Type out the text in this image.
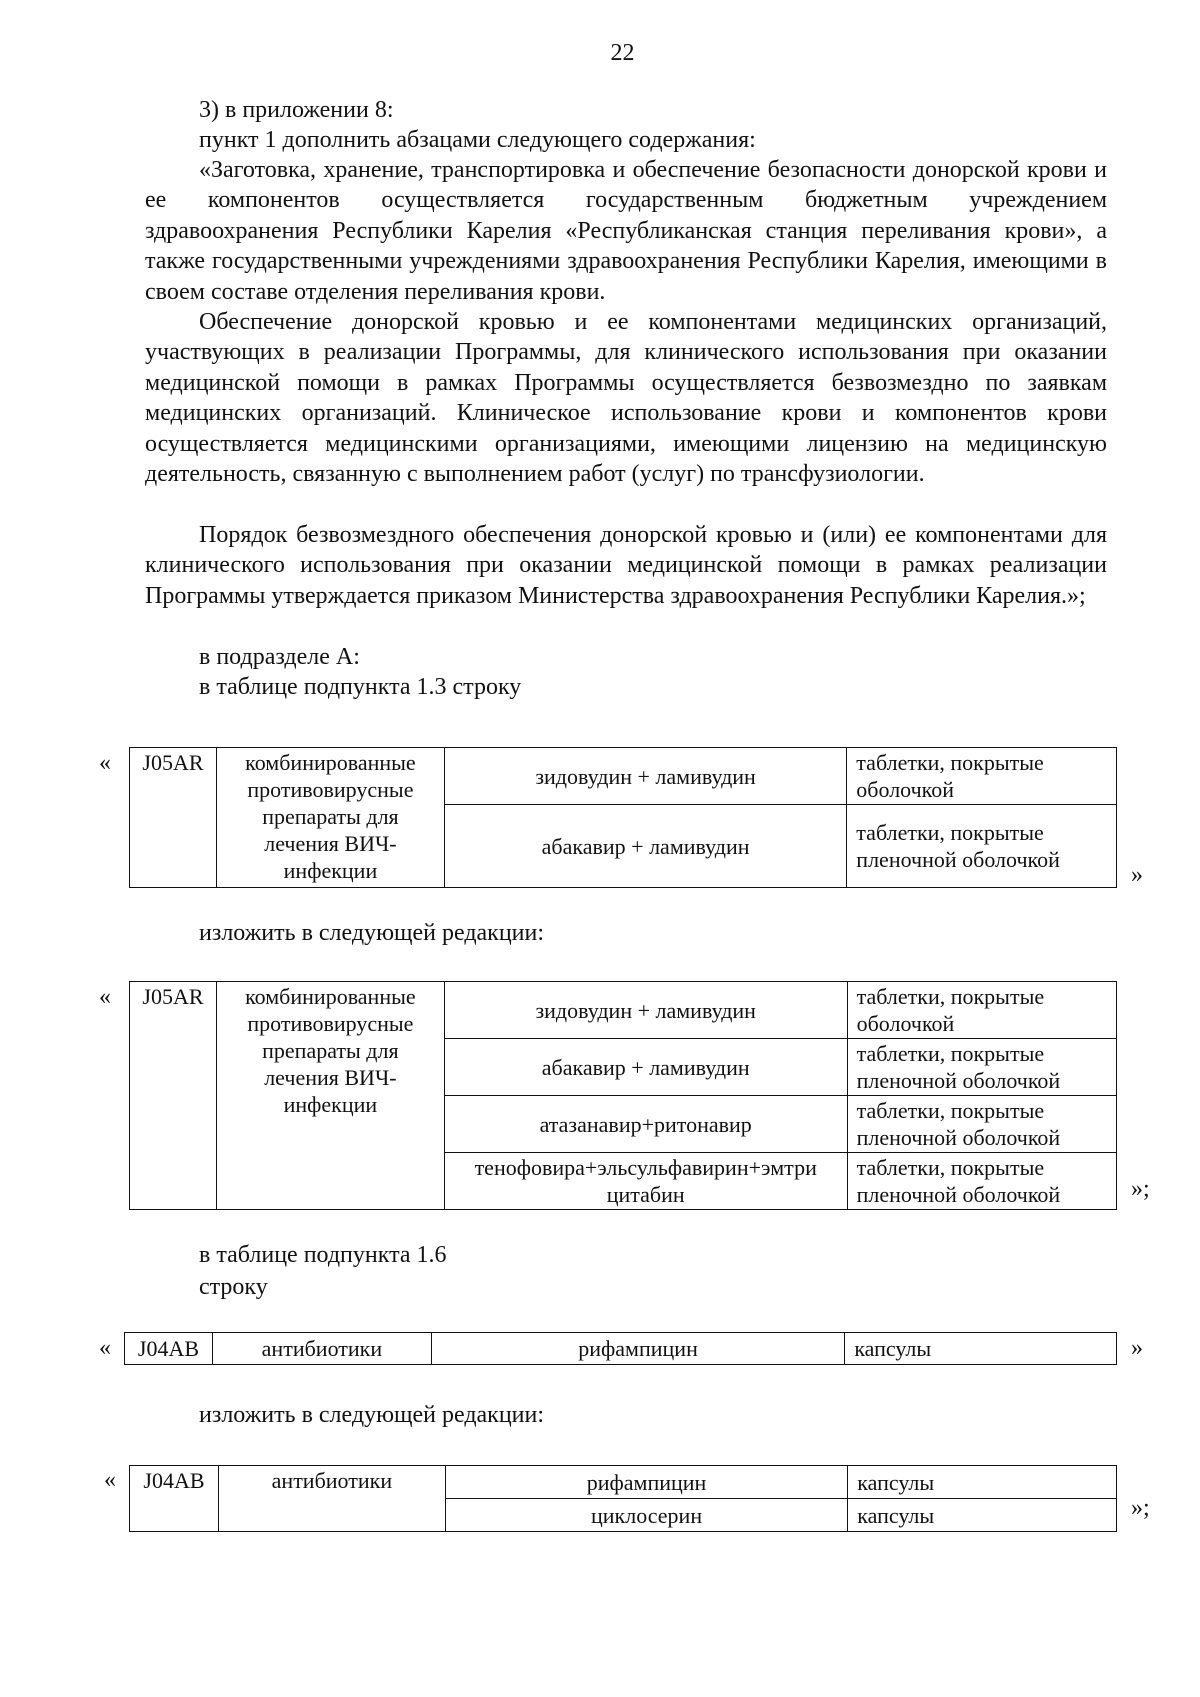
22

3) в приложении 8:

пункт 1 дополнить абзацами следующего содержания:

«Заготовка, хранение, транспортировка и обеспечение безопасности донорской крови и ее компонентов осуществляется государственным бюджетным учреждением здравоохранения Республики Карелия «Республиканская станция переливания крови», а также государственными учреждениями здравоохранения Республики Карелия, имеющими в своем составе отделения переливания крови.

Обеспечение донорской кровью и ее компонентами медицинских организаций, участвующих в реализации Программы, для клинического использования при оказании медицинской помощи в рамках Программы осуществляется безвозмездно по заявкам медицинских организаций. Клиническое использование крови и компонентов крови осуществляется медицинскими организациями, имеющими лицензию на медицинскую деятельность, связанную с выполнением работ (услуг) по трансфузиологии.

Порядок безвозмездного обеспечения донорской кровью и (или) ее компонентами для клинического использования при оказании медицинской помощи в рамках реализации Программы утверждается приказом Министерства здравоохранения Республики Карелия.»;

в подразделе А:

в таблице подпункта 1.3 строку

« J05AR	комбинированные противовирусные препараты для лечения ВИЧ-инфекции	зидовудин + ламивудин	таблетки, покрытые оболочкой
		абакавир + ламивудин	таблетки, покрытые пленочной оболочкой
»

изложить в следующей редакции:

« J05AR	комбинированные противовирусные препараты для лечения ВИЧ-инфекции	зидовудин + ламивудин	таблетки, покрытые оболочкой
		абакавир + ламивудин	таблетки, покрытые пленочной оболочкой
		атазанавир+ритонавир	таблетки, покрытые пленочной оболочкой
		тенофовира+эльсульфавирин+эмтри цитабин	таблетки, покрытые пленочной оболочкой	»;

в таблице подпункта 1.6

строку

« J04AB	антибиотики	рифампицин	капсулы	»

изложить в следующей редакции:

« J04AB	антибиотики	рифампицин	капсулы
		циклосерин	капсулы	»;
